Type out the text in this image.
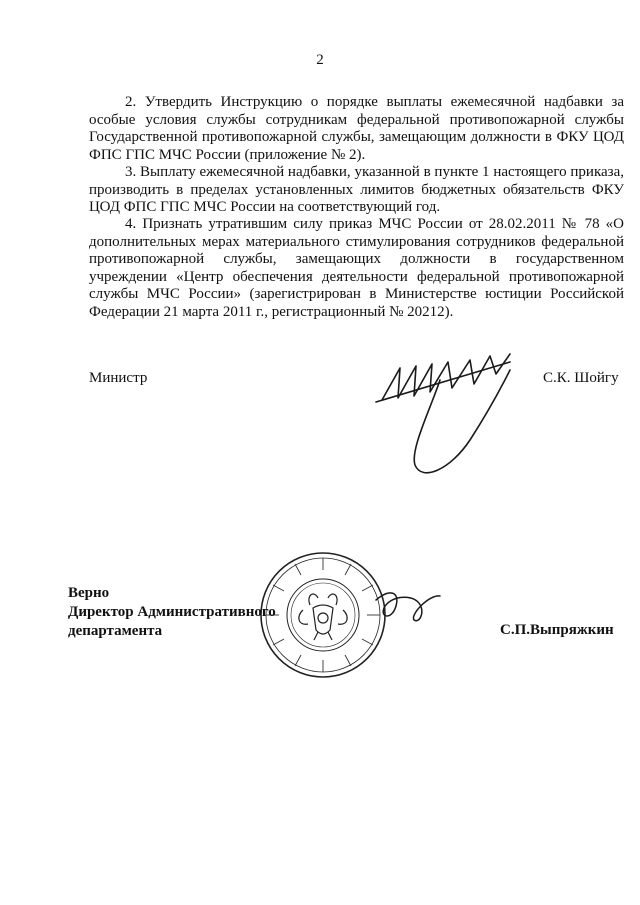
2

2. Утвердить Инструкцию о порядке выплаты ежемесячной надбавки за особые условия службы сотрудникам федеральной противопожарной службы Государственной противопожарной службы, замещающим должности в ФКУ ЦОД ФПС ГПС МЧС России (приложение № 2).

3. Выплату ежемесячной надбавки, указанной в пункте 1 настоящего приказа, производить в пределах установленных лимитов бюджетных обязательств ФКУ ЦОД ФПС ГПС МЧС России на соответствующий год.

4. Признать утратившим силу приказ МЧС России от 28.02.2011 № 78 «О дополнительных мерах материального стимулирования сотрудников федеральной противопожарной службы, замещающих должности в государственном учреждении «Центр обеспечения деятельности федеральной противопожарной службы МЧС России» (зарегистрирован в Министерстве юстиции Российской Федерации 21 марта 2011 г., регистрационный № 20212).

Министр	С.К. Шойгу
Верно
Директор Административного
департамента	С.П.Выпряжкин
